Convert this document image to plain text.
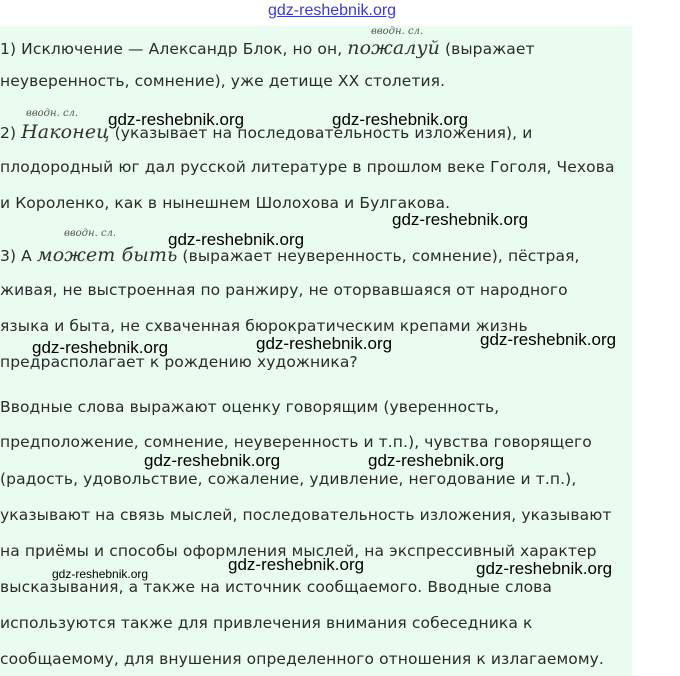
gdz-reshebnik.org
вводн. сл.
1) Исключение — Александр Блок, но он, пожалуй (выражает
неуверенность, сомнение), уже детище XX столетия.
вводн. сл. gdz-reshebnik.org	gdz-reshebnik.org
2) Наконец (указывает на последовательность изложения), и
плодородный юг дал русской литературе в прошлом веке Гоголя, Чехова
и Короленко, как в нынешнем Шолохова и Булгакова.
gdz-reshebnik.org
вводн. сл.	gdz-reshebnik.org
3) А может быть (выражает неуверенность, сомнение), пёстрая,
живая, не выстроенная по ранжиру, не оторвавшаяся от народного
языка и быта, не схваченная бюрократическим крепами жизнь
gdz-reshebnik.org	gdz-reshebnik.org	gdz-reshebnik.org
предрасполагает к рождению художника?
Вводные слова выражают оценку говорящим (уверенность,
предположение, сомнение, неуверенность и т.п.), чувства говорящего
gdz-reshebnik.org	gdz-reshebnik.org
(радость, удовольствие, сожаление, удивление, негодование и т.п.),
указывают на связь мыслей, последовательность изложения, указывают
на приёмы и способы оформления мыслей, на экспрессивный характер
gdz-reshebnik.org	gdz-reshebnik.org
gdz-reshebnik.org
высказывания, а также на источник сообщаемого. Вводные слова
используются также для привлечения внимания собеседника к
сообщаемому, для внушения определенного отношения к излагаемому.
